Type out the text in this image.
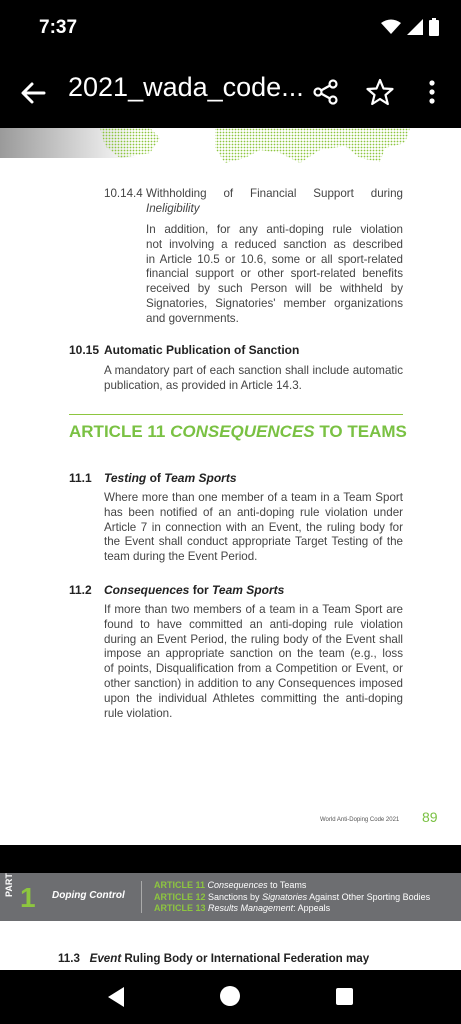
7:37
2021_wada_code...
10.14.4 Withholding of Financial Support during
Ineligibility
In addition, for any anti-doping rule violation
not involving a reduced sanction as described
in Article 10.5 or 10.6, some or all sport-related
financial support or other sport-related benefits
received by such Person will be withheld by
Signatories, Signatories' member organizations
and governments.
10.15 Automatic Publication of Sanction
A mandatory part of each sanction shall include automatic
publication, as provided in Article 14.3.
ARTICLE 11 CONSEQUENCES TO TEAMS
11.1 Testing of Team Sports
Where more than one member of a team in a Team Sport
has been notified of an anti-doping rule violation under
Article 7 in connection with an Event, the ruling body for
the Event shall conduct appropriate Target Testing of the
team during the Event Period.
11.2 Consequences for Team Sports
If more than two members of a team in a Team Sport are
found to have committed an anti-doping rule violation
during an Event Period, the ruling body of the Event shall
impose an appropriate sanction on the team (e.g., loss
of points, Disqualification from a Competition or Event, or
other sanction) in addition to any Consequences imposed
upon the individual Athletes committing the anti-doping
rule violation.
World Anti-Doping Code 2021 89
PART 1 Doping Control
ARTICLE 11 Consequences to Teams
ARTICLE 12 Sanctions by Signatories Against Other Sporting Bodies
ARTICLE 13 Results Management: Appeals
11.3 Event Ruling Body or International Federation may
